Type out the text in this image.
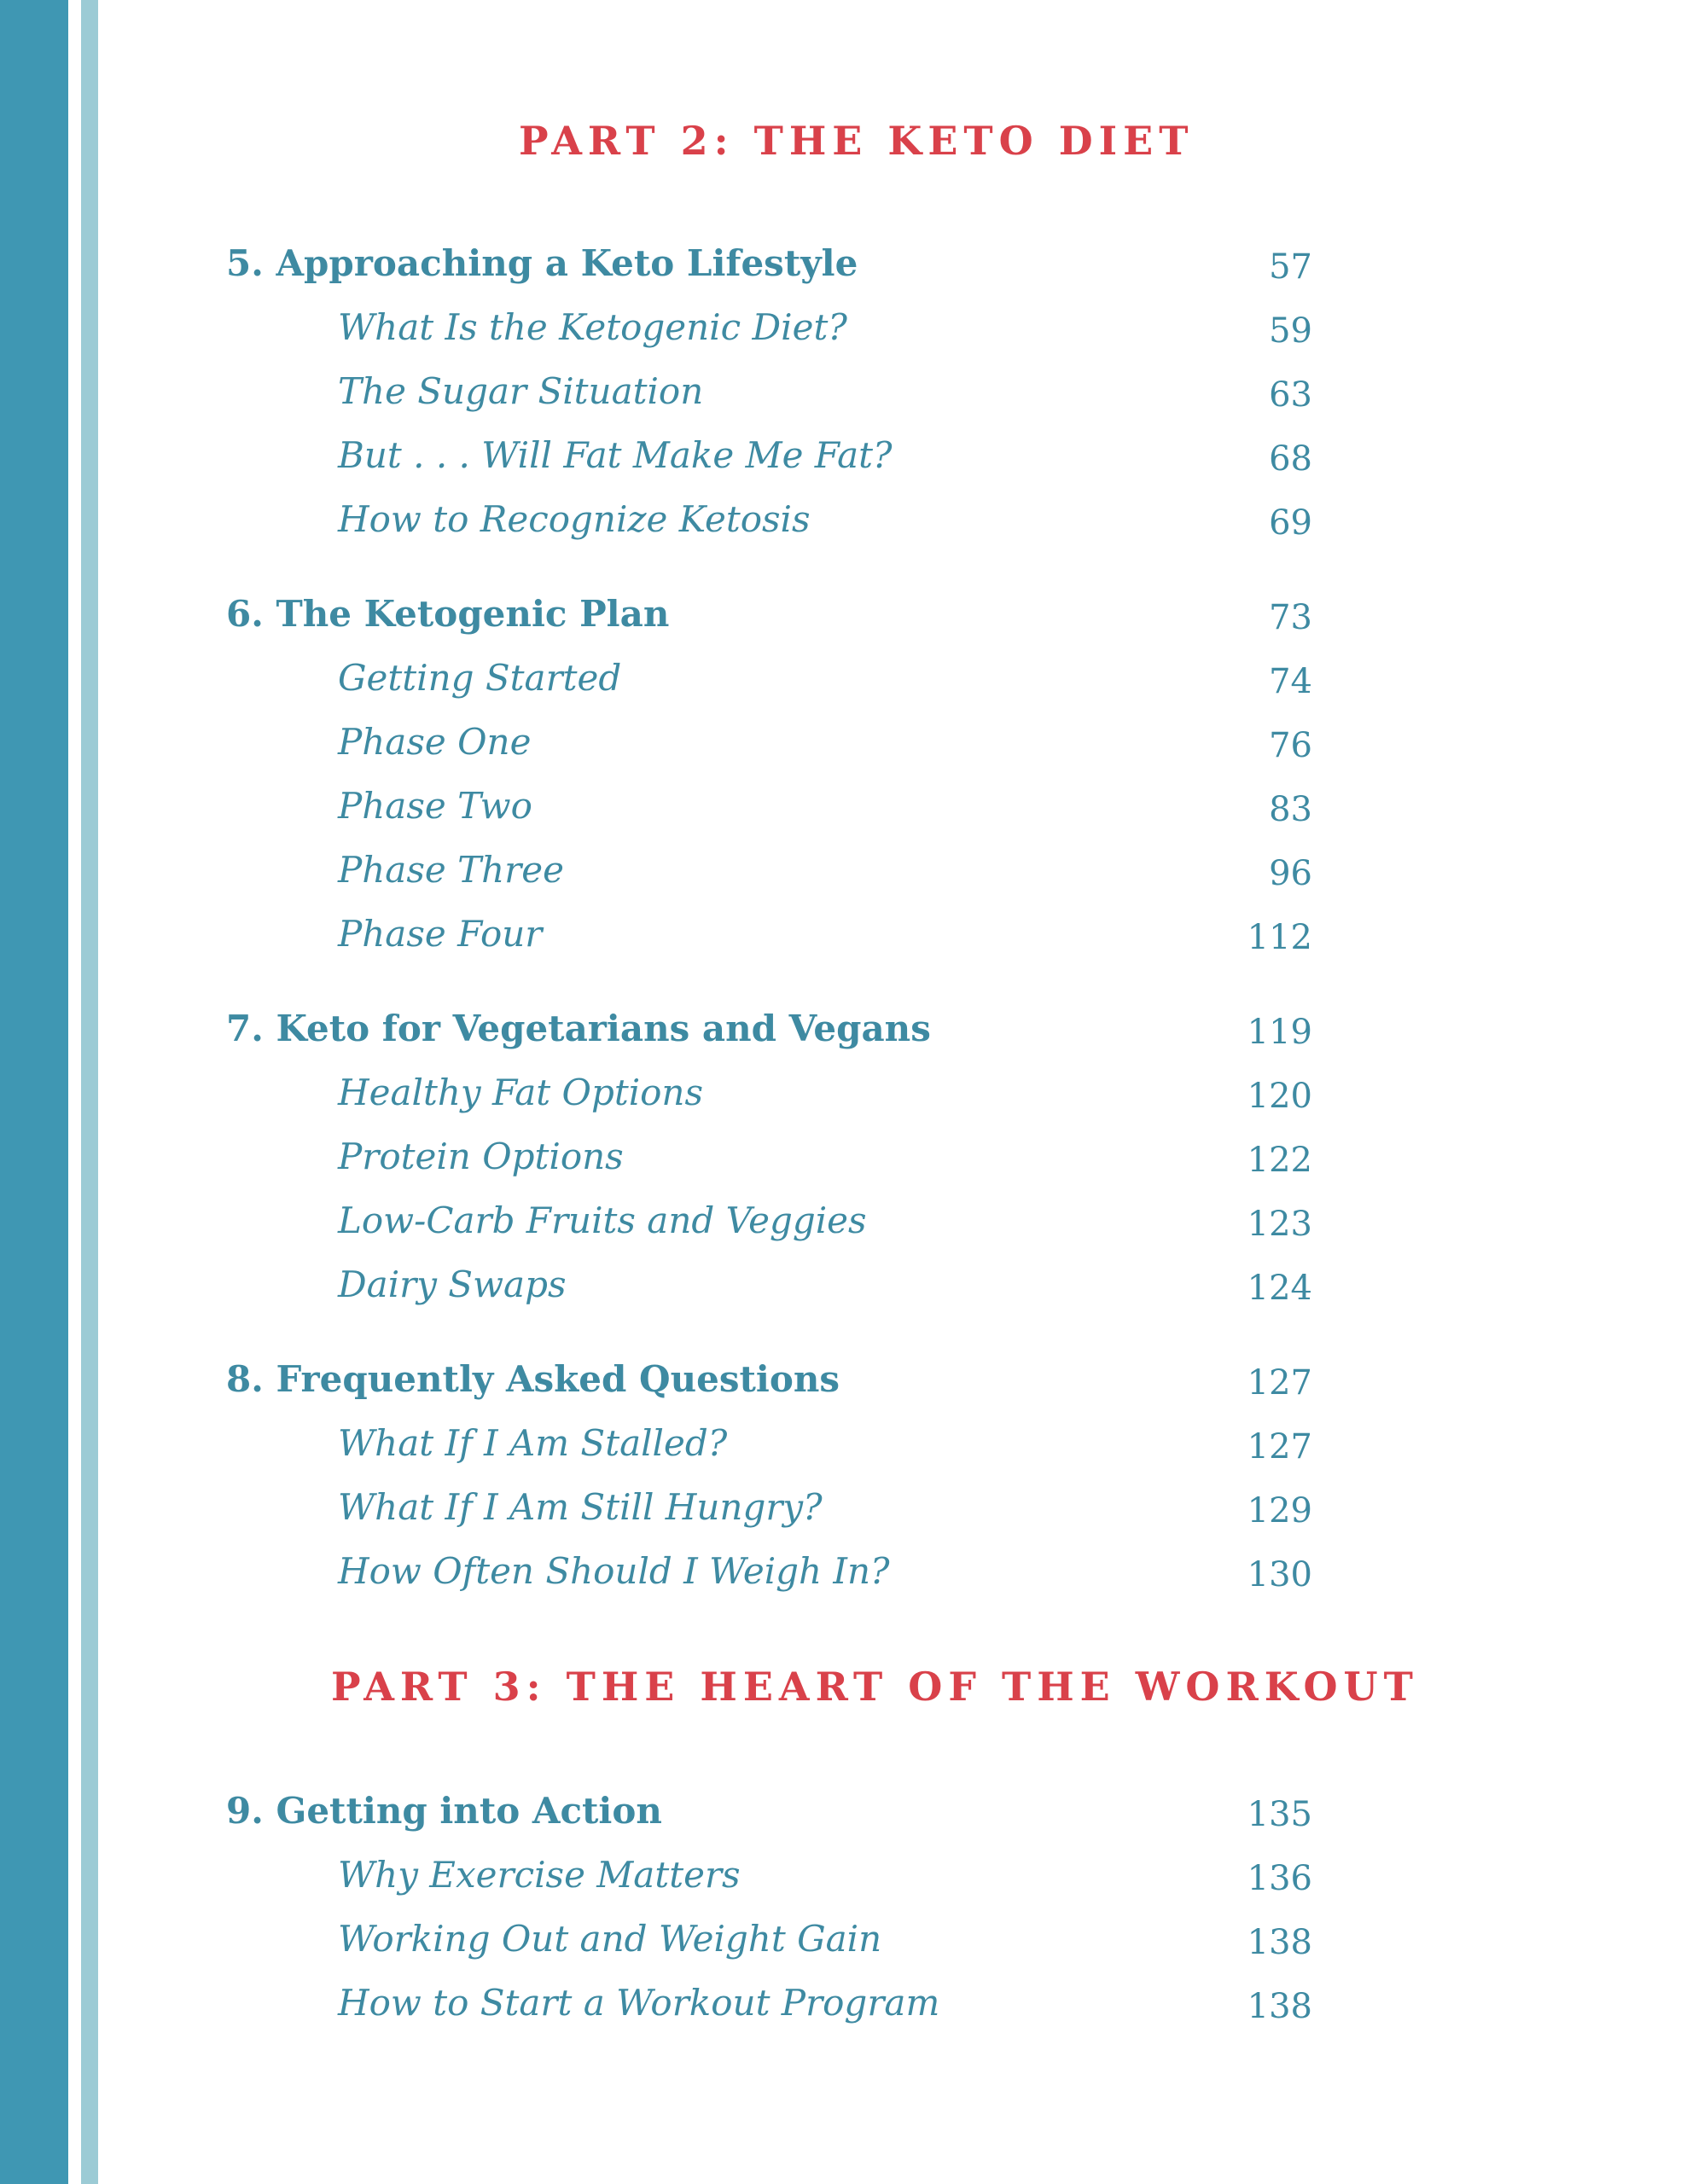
PART 2: THE KETO DIET
PART 3: THE HEART OF THE WORKOUT
5. Approaching a Keto Lifestyle	57
What Is the Ketogenic Diet?	59
The Sugar Situation	63
But . . . Will Fat Make Me Fat?	68
How to Recognize Ketosis	69
6. The Ketogenic Plan	73
Getting Started	74
Phase One	76
Phase Two	83
Phase Three	96
Phase Four	112
7. Keto for Vegetarians and Vegans	119
Healthy Fat Options	120
Protein Options	122
Low-Carb Fruits and Veggies	123
Dairy Swaps	124
8. Frequently Asked Questions	127
What If I Am Stalled?	127
What If I Am Still Hungry?	129
How Often Should I Weigh In?	130
9. Getting into Action	135
Why Exercise Matters	136
Working Out and Weight Gain	138
How to Start a Workout Program	138
